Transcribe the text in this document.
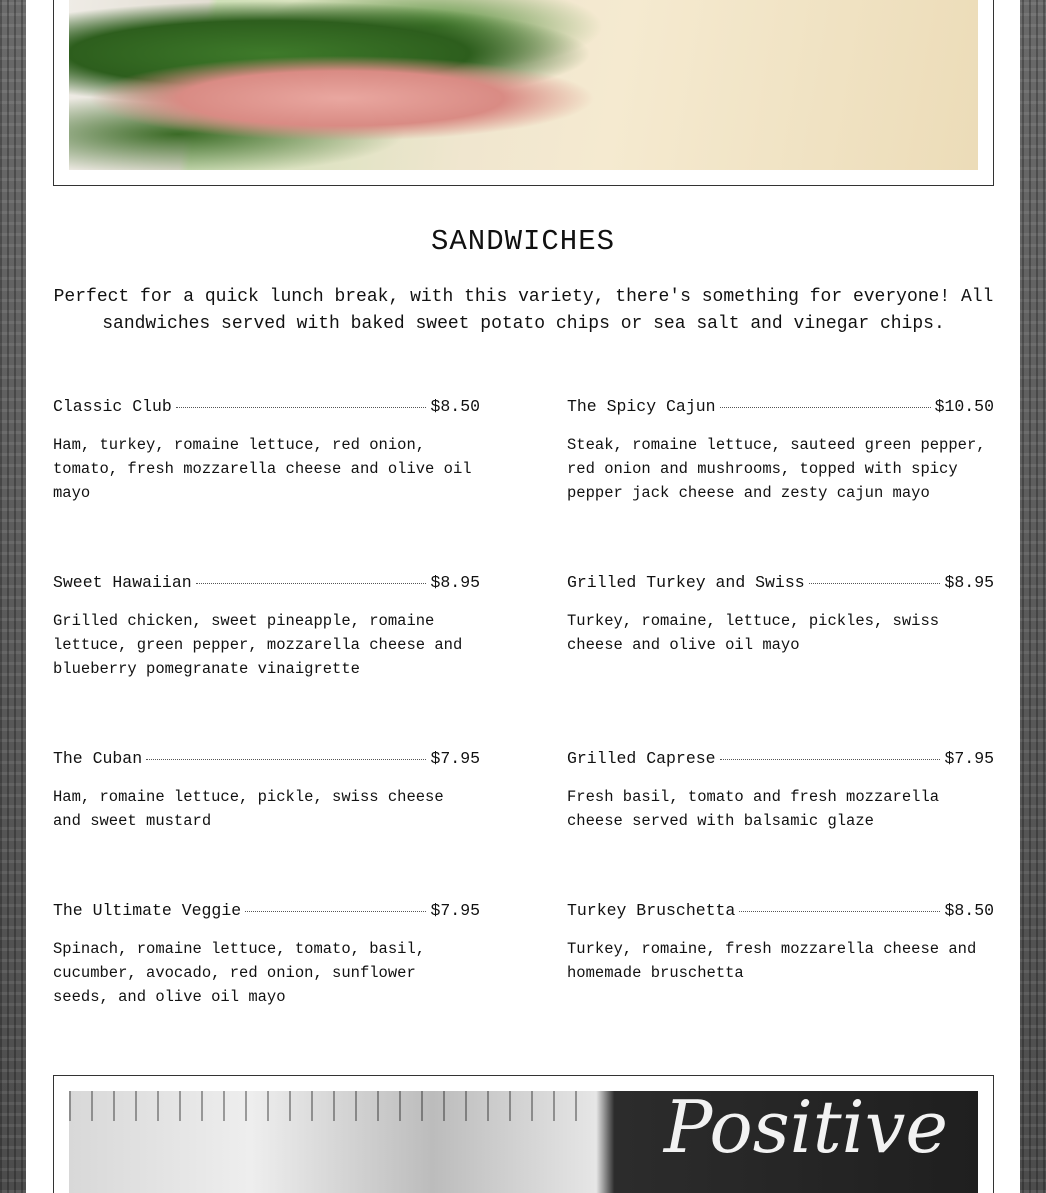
SANDWICHES

Perfect for a quick lunch break, with this variety, there's something for everyone! All sandwiches served with baked sweet potato chips or sea salt and vinegar chips.

Classic Club	$8.50
Ham, turkey, romaine lettuce, red onion, tomato, fresh mozzarella cheese and olive oil mayo
The Spicy Cajun	$10.50
Steak, romaine lettuce, sauteed green pepper, red onion and mushrooms, topped with spicy pepper jack cheese and zesty cajun mayo
Sweet Hawaiian	$8.95
Grilled chicken, sweet pineapple, romaine lettuce, green pepper, mozzarella cheese and blueberry pomegranate vinaigrette
Grilled Turkey and Swiss	$8.95
Turkey, romaine, lettuce, pickles, swiss cheese and olive oil mayo
The Cuban	$7.95
Ham, romaine lettuce, pickle, swiss cheese and sweet mustard
Grilled Caprese	$7.95
Fresh basil, tomato and fresh mozzarella cheese served with balsamic glaze
The Ultimate Veggie	$7.95
Spinach, romaine lettuce, tomato, basil, cucumber, avocado, red onion, sunflower seeds, and olive oil mayo
Turkey Bruschetta	$8.50
Turkey, romaine, fresh mozzarella cheese and homemade bruschetta
Positive
